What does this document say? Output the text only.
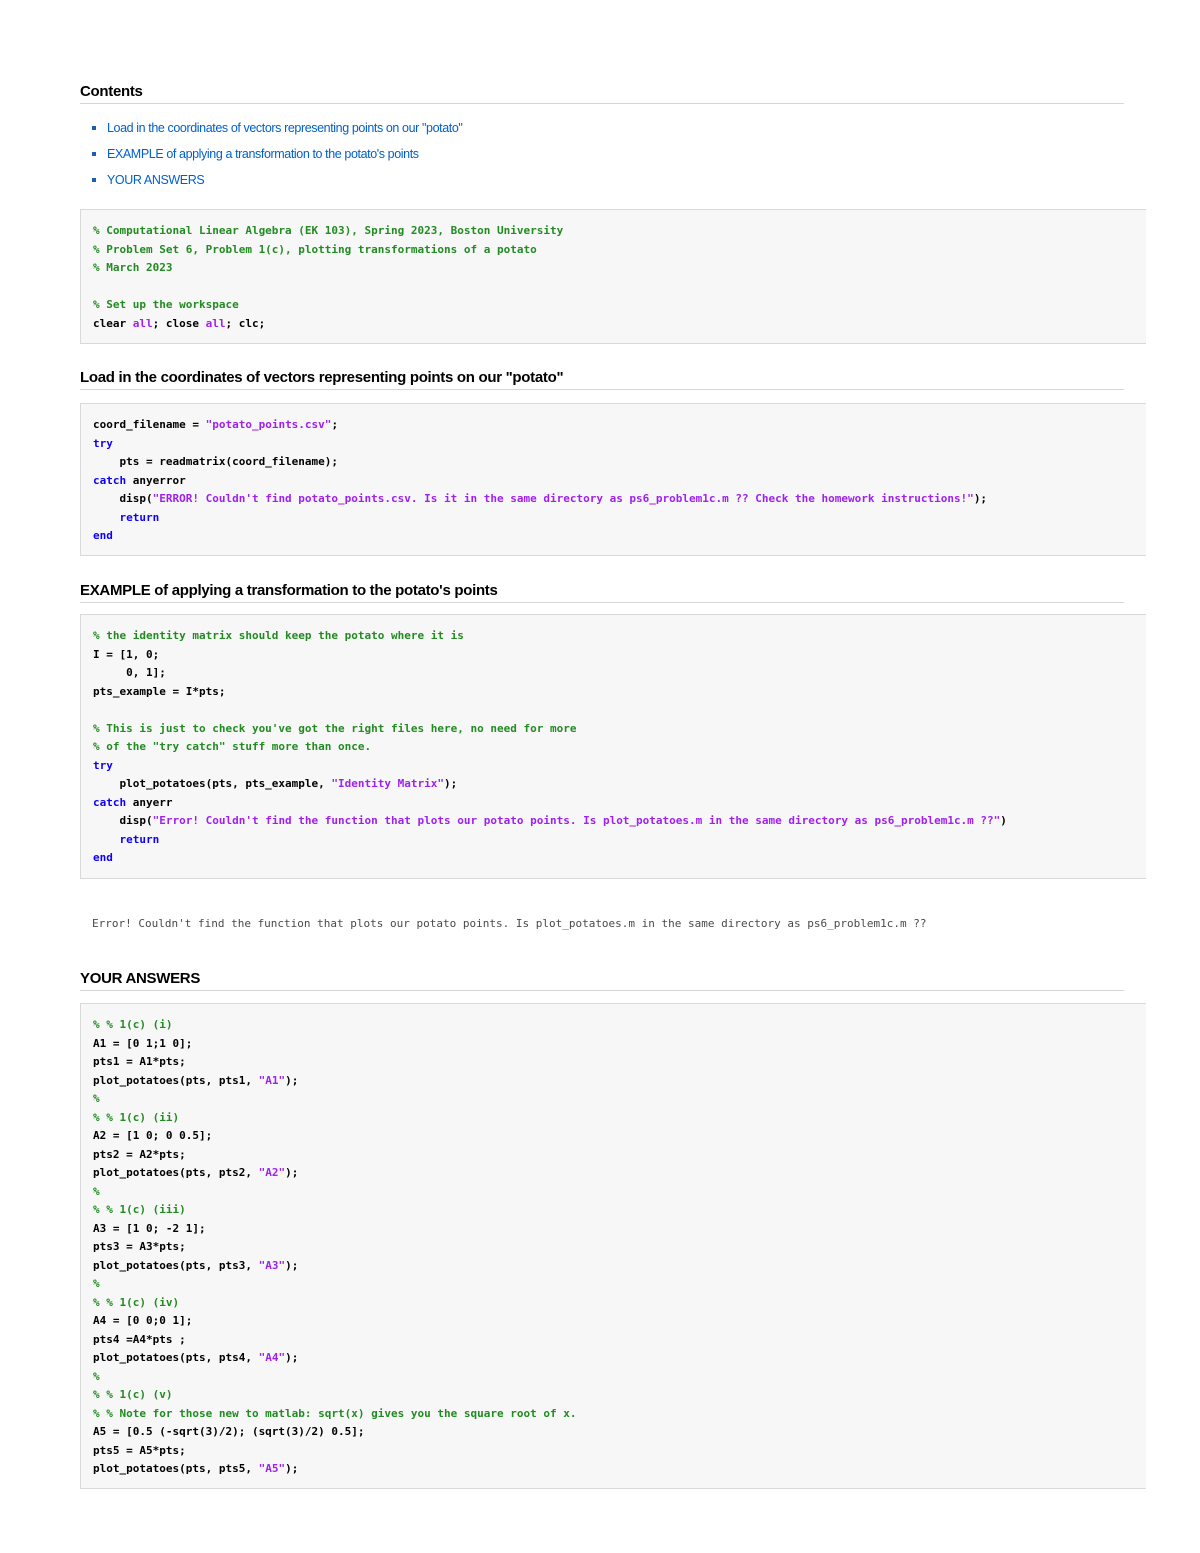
Contents
Load in the coordinates of vectors representing points on our "potato"
EXAMPLE of applying a transformation to the potato's points
YOUR ANSWERS
% Computational Linear Algebra (EK 103), Spring 2023, Boston University
% Problem Set 6, Problem 1(c), plotting transformations of a potato
% March 2023

% Set up the workspace
clear all; close all; clc;
Load in the coordinates of vectors representing points on our "potato"
coord_filename = "potato_points.csv";
try
pts = readmatrix(coord_filename);
catch anyerror
disp("ERROR! Couldn't find potato_points.csv. Is it in the same directory as ps6_problem1c.m ?? Check the homework instructions!");
return
end
EXAMPLE of applying a transformation to the potato's points
% the identity matrix should keep the potato where it is
I = [1, 0;
0, 1];
pts_example = I*pts;

% This is just to check you've got the right files here, no need for more
% of the "try catch" stuff more than once.
try
plot_potatoes(pts, pts_example, "Identity Matrix");
catch anyerr
disp("Error! Couldn't find the function that plots our potato points. Is plot_potatoes.m in the same directory as ps6_problem1c.m ??")
return
end
Error! Couldn't find the function that plots our potato points. Is plot_potatoes.m in the same directory as ps6_problem1c.m ??
YOUR ANSWERS
% % 1(c) (i)
A1 = [0 1;1 0];
pts1 = A1*pts;
plot_potatoes(pts, pts1, "A1");
%
% % 1(c) (ii)
A2 = [1 0; 0 0.5];
pts2 = A2*pts;
plot_potatoes(pts, pts2, "A2");
%
% % 1(c) (iii)
A3 = [1 0; -2 1];
pts3 = A3*pts;
plot_potatoes(pts, pts3, "A3");
%
% % 1(c) (iv)
A4 = [0 0;0 1];
pts4 =A4*pts ;
plot_potatoes(pts, pts4, "A4");
%
% % 1(c) (v)
% % Note for those new to matlab: sqrt(x) gives you the square root of x.
A5 = [0.5 (-sqrt(3)/2); (sqrt(3)/2) 0.5];
pts5 = A5*pts;
plot_potatoes(pts, pts5, "A5");
